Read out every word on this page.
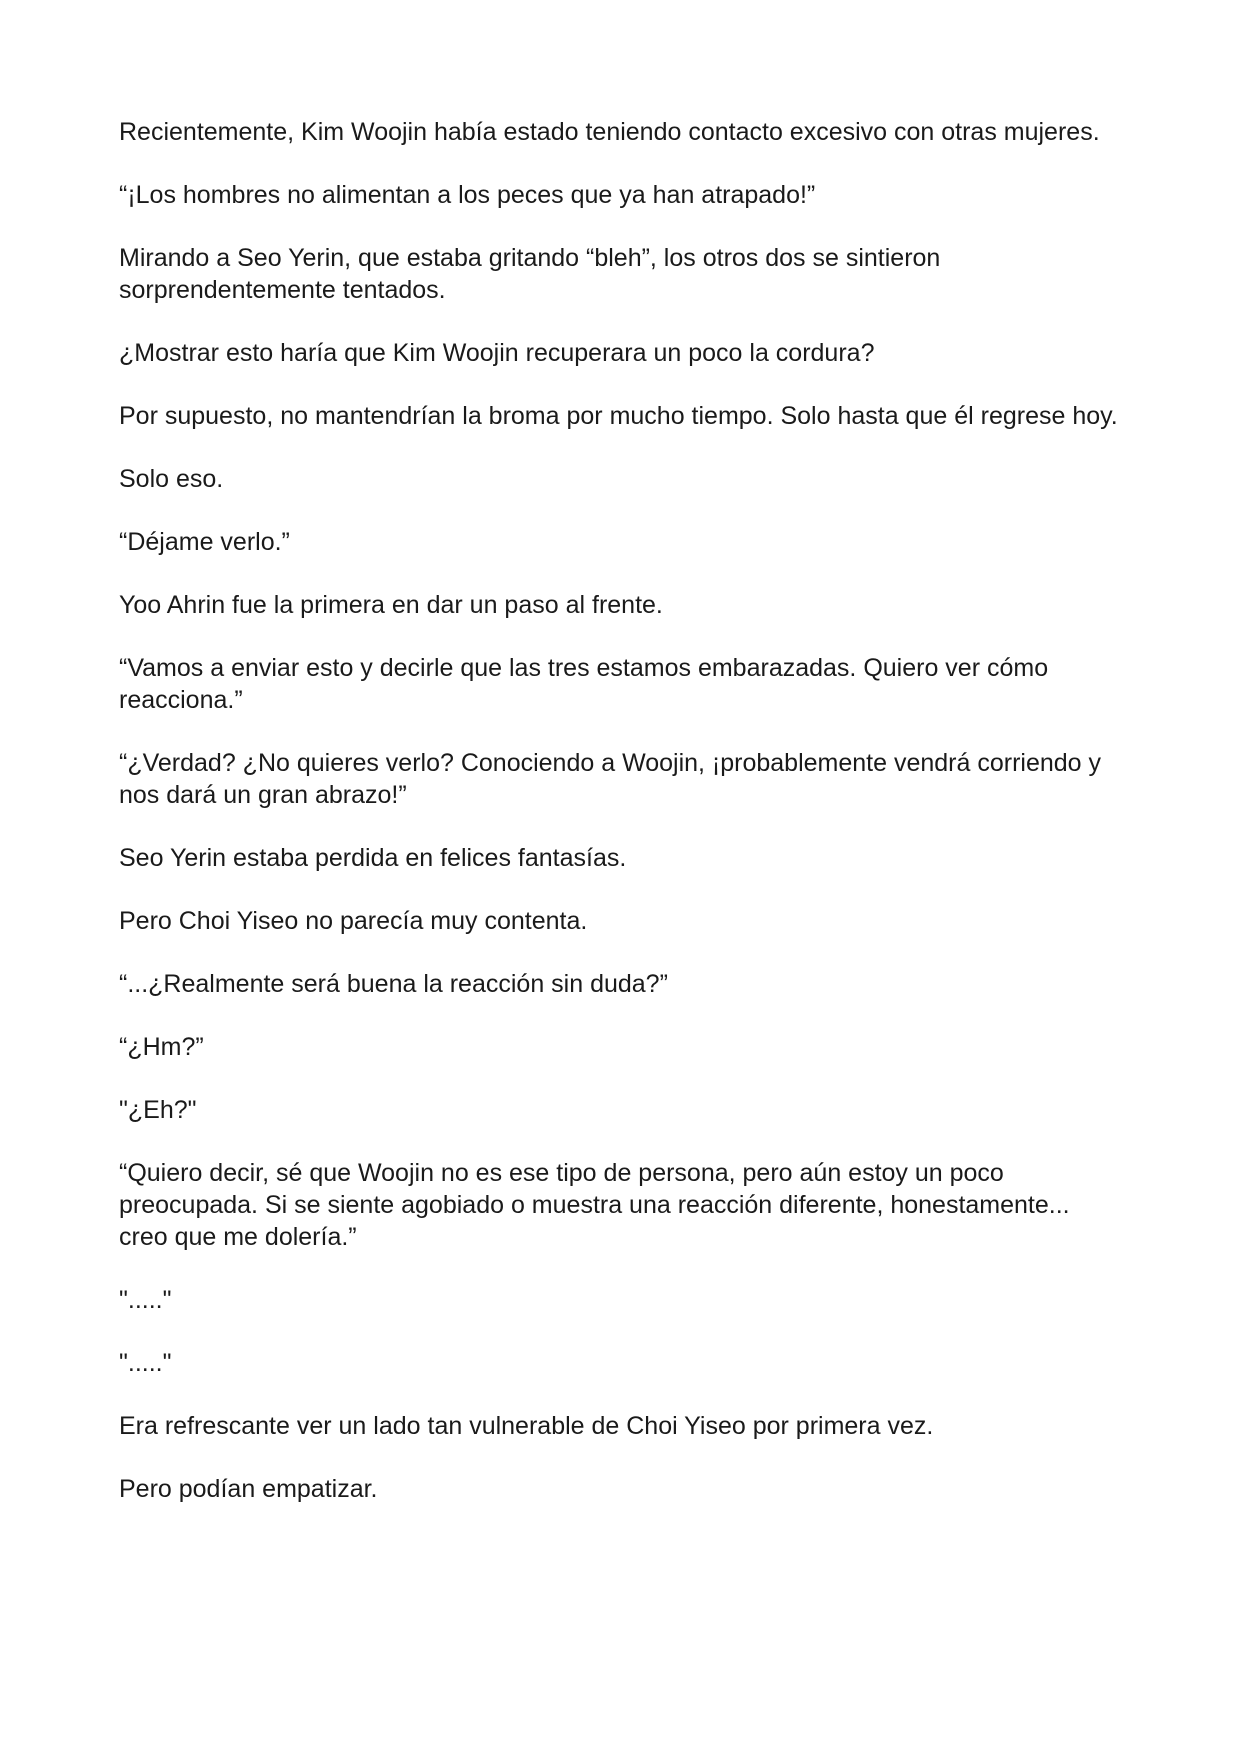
Recientemente, Kim Woojin había estado teniendo contacto excesivo con otras mujeres.

“¡Los hombres no alimentan a los peces que ya han atrapado!”

Mirando a Seo Yerin, que estaba gritando “bleh”, los otros dos se sintieron sorprendentemente tentados.

¿Mostrar esto haría que Kim Woojin recuperara un poco la cordura?

Por supuesto, no mantendrían la broma por mucho tiempo. Solo hasta que él regrese hoy.

Solo eso.

“Déjame verlo.”

Yoo Ahrin fue la primera en dar un paso al frente.

“Vamos a enviar esto y decirle que las tres estamos embarazadas. Quiero ver cómo reacciona.”

“¿Verdad? ¿No quieres verlo? Conociendo a Woojin, ¡probablemente vendrá corriendo y nos dará un gran abrazo!”

Seo Yerin estaba perdida en felices fantasías.

Pero Choi Yiseo no parecía muy contenta.

“...¿Realmente será buena la reacción sin duda?”

“¿Hm?”

"¿Eh?"

“Quiero decir, sé que Woojin no es ese tipo de persona, pero aún estoy un poco preocupada. Si se siente agobiado o muestra una reacción diferente, honestamente... creo que me dolería.”

"....."

"....."

Era refrescante ver un lado tan vulnerable de Choi Yiseo por primera vez.

Pero podían empatizar.
